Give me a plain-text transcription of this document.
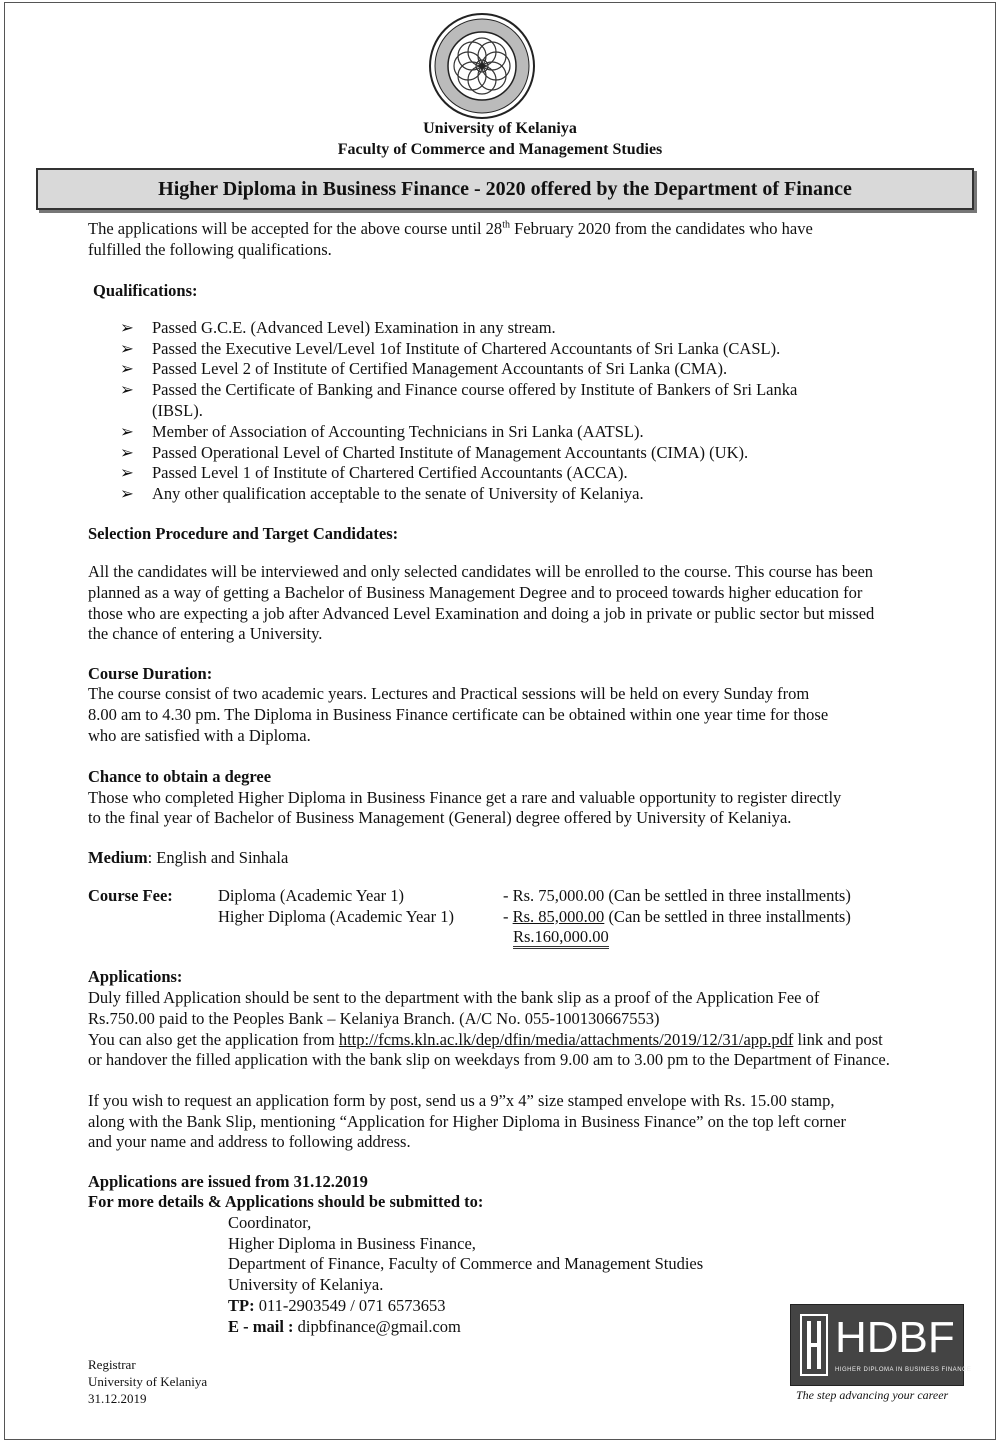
University of Kelaniya
Faculty of Commerce and Management Studies
Higher Diploma in Business Finance - 2020 offered by the Department of Finance
The applications will be accepted for the above course until 28th February 2020 from the candidates who have
fulfilled the following qualifications.
Qualifications:
➢ Passed G.C.E. (Advanced Level) Examination in any stream.
➢ Passed the Executive Level/Level 1of Institute of Chartered Accountants of Sri Lanka (CASL).
➢ Passed Level 2 of Institute of Certified Management Accountants of Sri Lanka (CMA).
➢ Passed the Certificate of Banking and Finance course offered by Institute of Bankers of Sri Lanka
(IBSL).
➢ Member of Association of Accounting Technicians in Sri Lanka (AATSL).
➢ Passed Operational Level of Charted Institute of Management Accountants (CIMA) (UK).
➢ Passed Level 1 of Institute of Chartered Certified Accountants (ACCA).
➢ Any other qualification acceptable to the senate of University of Kelaniya.
Selection Procedure and Target Candidates:
All the candidates will be interviewed and only selected candidates will be enrolled to the course. This course has been
planned as a way of getting a Bachelor of Business Management Degree and to proceed towards higher education for
those who are expecting a job after Advanced Level Examination and doing a job in private or public sector but missed
the chance of entering a University.
Course Duration:
The course consist of two academic years. Lectures and Practical sessions will be held on every Sunday from
8.00 am to 4.30 pm. The Diploma in Business Finance certificate can be obtained within one year time for those
who are satisfied with a Diploma.
Chance to obtain a degree
Those who completed Higher Diploma in Business Finance get a rare and valuable opportunity to register directly
to the final year of Bachelor of Business Management (General) degree offered by University of Kelaniya.
Medium: English and Sinhala
Course Fee:	Diploma (Academic Year 1)	- Rs. 75,000.00 (Can be settled in three installments)
Higher Diploma (Academic Year 1)	- Rs. 85,000.00 (Can be settled in three installments)
Rs.160,000.00
Applications:
Duly filled Application should be sent to the department with the bank slip as a proof of the Application Fee of
Rs.750.00 paid to the Peoples Bank – Kelaniya Branch. (A/C No. 055-100130667553)
You can also get the application from http://fcms.kln.ac.lk/dep/dfin/media/attachments/2019/12/31/app.pdf link and post
or handover the filled application with the bank slip on weekdays from 9.00 am to 3.00 pm to the Department of Finance.
If you wish to request an application form by post, send us a 9”x 4” size stamped envelope with Rs. 15.00 stamp,
along with the Bank Slip, mentioning “Application for Higher Diploma in Business Finance” on the top left corner
and your name and address to following address.
Applications are issued from 31.12.2019
For more details & Applications should be submitted to:
Coordinator,
Higher Diploma in Business Finance,
Department of Finance, Faculty of Commerce and Management Studies
University of Kelaniya.
TP: 011-2903549 / 071 6573653
E - mail : dipbfinance@gmail.com
Registrar
University of Kelaniya
31.12.2019
HDBF
HIGHER DIPLOMA IN BUSINESS FINANCE
The step advancing your career
